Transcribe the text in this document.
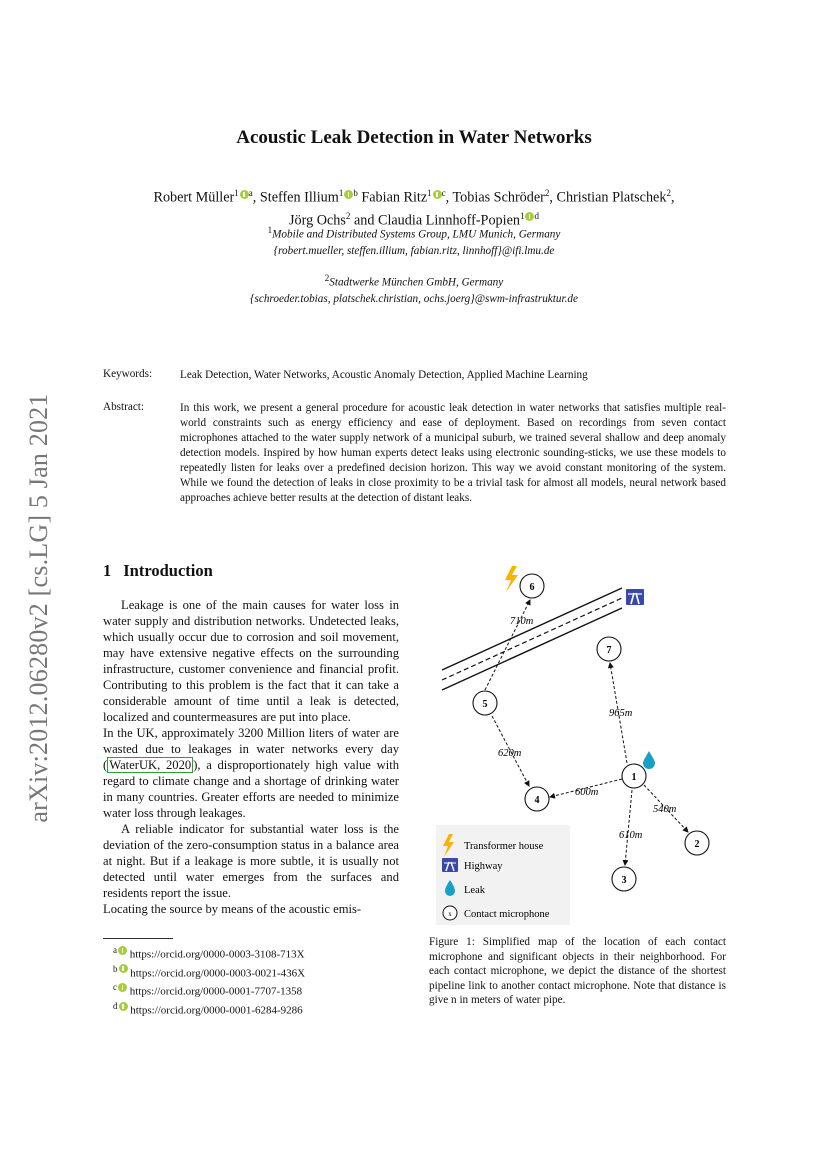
arXiv:2012.06280v2 [cs.LG] 5 Jan 2021
Acoustic Leak Detection in Water Networks
Robert Müller$^1$ $^a$, Steffen Illium$^1$ $^b$ Fabian Ritz$^1$ $^c$, Tobias Schröder$^2$, Christian Platschek$^2$,
Jörg Ochs$^2$ and Claudia Linnhoff-Popien$^1$ $^d$
$^1$Mobile and Distributed Systems Group, LMU Munich, Germany
{robert.mueller, steffen.illium, fabian.ritz, linnhoff}@ifi.lmu.de
$^2$Stadtwerke München GmbH, Germany
{schroeder.tobias, platschek.christian, ochs.joerg}@swm-infrastruktur.de
Keywords: Leak Detection, Water Networks, Acoustic Anomaly Detection, Applied Machine Learning
Abstract:	In this work, we present a general procedure for acoustic leak detection in water networks that satisfies multiple real-world constraints such as energy efficiency and ease of deployment. Based on recordings from seven contact microphones attached to the water supply network of a municipal suburb, we trained several shallow and deep anomaly detection models. Inspired by how human experts detect leaks using electronic sounding-sticks, we use these models to repeatedly listen for leaks over a predefined decision horizon. This way we avoid constant monitoring of the system. While we found the detection of leaks in close proximity to be a trivial task for almost all models, neural network based approaches achieve better results at the detection of distant leaks.
1 Introduction

Leakage is one of the main causes for water loss in water supply and distribution networks. Undetected leaks, which usually occur due to corrosion and soil movement, may have extensive negative effects on the surrounding infrastructure, customer convenience and financial profit. Contributing to this problem is the fact that it can take a considerable amount of time until a leak is detected, localized and countermeasures are put into place.

In the UK, approximately 3200 Million liters of water are wasted due to leakages in water networks every day ( WaterUK, 2020 ), a disproportionately high value with regard to climate change and a shortage of drinking water in many countries. Greater efforts are needed to minimize water loss through leakages.

A reliable indicator for substantial water loss is the deviation of the zero-consumption status in a balance area at night. But if a leakage is more subtle, it is usually not detected until water emerges from the surfaces and residents report the issue.

Locating the source by means of the acoustic emis-

$^a$ https://orcid.org/0000-0003-3108-713X
$^b$ https://orcid.org/0000-0003-0021-436X
$^c$ https://orcid.org/0000-0001-7707-1358
$^d$ https://orcid.org/0000-0001-6284-9286
710m
965m
620m
600m
540m
610m
1
2
3
4
5
6
7
Transformer house
Highway
Leak
x Contact microphone
Figure 1: Simplified map of the location of each contact microphone and significant objects in their neighborhood. For each contact microphone, we depict the distance of the shortest pipeline link to another contact microphone. Note that distance is give n in meters of water pipe.
